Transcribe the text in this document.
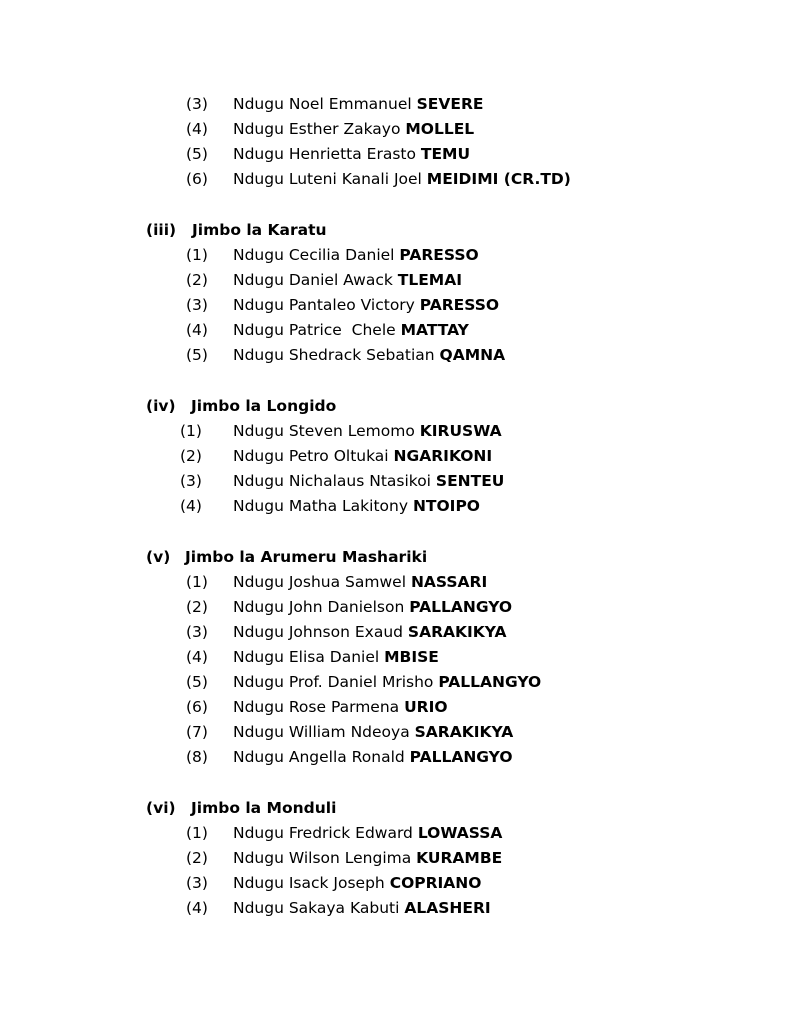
(3) Ndugu Noel Emmanuel SEVERE
(4) Ndugu Esther Zakayo MOLLEL
(5) Ndugu Henrietta Erasto TEMU
(6) Ndugu Luteni Kanali Joel MEIDIMI (CR.TD)
(iii) Jimbo la Karatu
(1) Ndugu Cecilia Daniel PARESSO
(2) Ndugu Daniel Awack TLEMAI
(3) Ndugu Pantaleo Victory PARESSO
(4) Ndugu Patrice  Chele MATTAY
(5) Ndugu Shedrack Sebatian QAMNA
(iv) Jimbo la Longido
(1) Ndugu Steven Lemomo KIRUSWA
(2) Ndugu Petro Oltukai NGARIKONI
(3) Ndugu Nichalaus Ntasikoi SENTEU
(4) Ndugu Matha Lakitony NTOIPO
(v) Jimbo la Arumeru Mashariki
(1) Ndugu Joshua Samwel NASSARI
(2) Ndugu John Danielson PALLANGYO
(3) Ndugu Johnson Exaud SARAKIKYA
(4) Ndugu Elisa Daniel MBISE
(5) Ndugu Prof. Daniel Mrisho PALLANGYO
(6) Ndugu Rose Parmena URIO
(7) Ndugu William Ndeoya SARAKIKYA
(8) Ndugu Angella Ronald PALLANGYO
(vi) Jimbo la Monduli
(1) Ndugu Fredrick Edward LOWASSA
(2) Ndugu Wilson Lengima KURAMBE
(3) Ndugu Isack Joseph COPRIANO
(4) Ndugu Sakaya Kabuti ALASHERI
